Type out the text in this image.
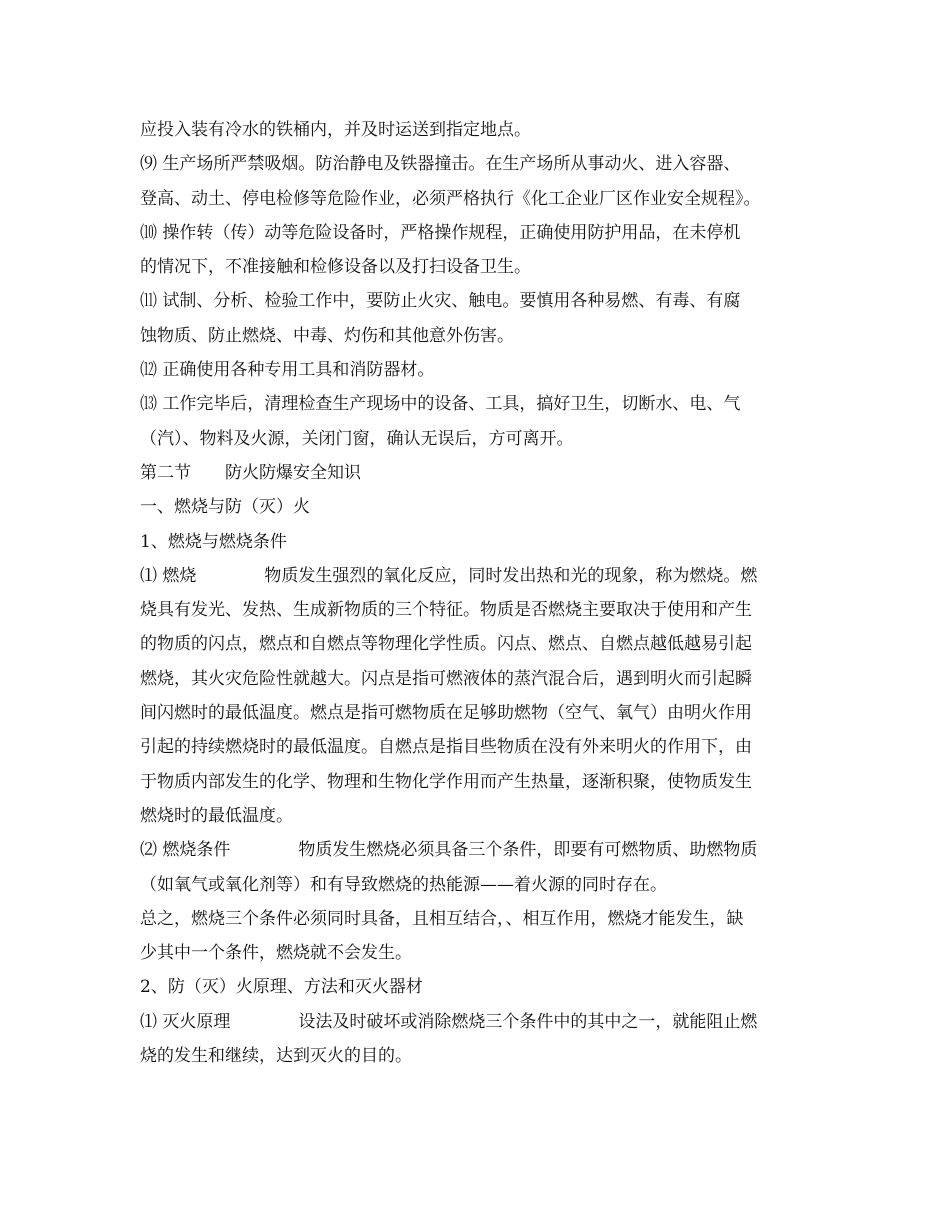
应投入装有冷水的铁桶内，并及时运送到指定地点。
⑼ 生产场所严禁吸烟。防治静电及铁器撞击。在生产场所从事动火、进入容器、
登高、动土、停电检修等危险作业，必须严格执行《化工企业厂区作业安全规程》。
⑽ 操作转（传）动等危险设备时，严格操作规程，正确使用防护用品，在未停机
的情况下，不准接触和检修设备以及打扫设备卫生。
⑾ 试制、分析、检验工作中，要防止火灾、触电。要慎用各种易燃、有毒、有腐
蚀物质、防止燃烧、中毒、灼伤和其他意外伤害。
⑿ 正确使用各种专用工具和消防器材。
⒀ 工作完毕后，清理检查生产现场中的设备、工具，搞好卫生，切断水、电、气
（汽）、物料及火源，关闭门窗，确认无误后，方可离开。
第二节　　防火防爆安全知识
一、燃烧与防（灭）火
1、燃烧与燃烧条件
⑴ 燃烧　　　　物质发生强烈的氧化反应，同时发出热和光的现象，称为燃烧。燃
烧具有发光、发热、生成新物质的三个特征。物质是否燃烧主要取决于使用和产生
的物质的闪点，燃点和自燃点等物理化学性质。闪点、燃点、自燃点越低越易引起
燃烧，其火灾危险性就越大。闪点是指可燃液体的蒸汽混合后，遇到明火而引起瞬
间闪燃时的最低温度。燃点是指可燃物质在足够助燃物（空气、氧气）由明火作用
引起的持续燃烧时的最低温度。自燃点是指目些物质在没有外来明火的作用下，由
于物质内部发生的化学、物理和生物化学作用而产生热量，逐渐积聚，使物质发生
燃烧时的最低温度。
⑵ 燃烧条件　　　　物质发生燃烧必须具备三个条件，即要有可燃物质、助燃物质
（如氧气或氧化剂等）和有导致燃烧的热能源——着火源的同时存在。
总之，燃烧三个条件必须同时具备，且相互结合，、相互作用，燃烧才能发生，缺
少其中一个条件，燃烧就不会发生。
2、防（灭）火原理、方法和灭火器材
⑴ 灭火原理　　　　设法及时破坏或消除燃烧三个条件中的其中之一，就能阻止燃
烧的发生和继续，达到灭火的目的。
